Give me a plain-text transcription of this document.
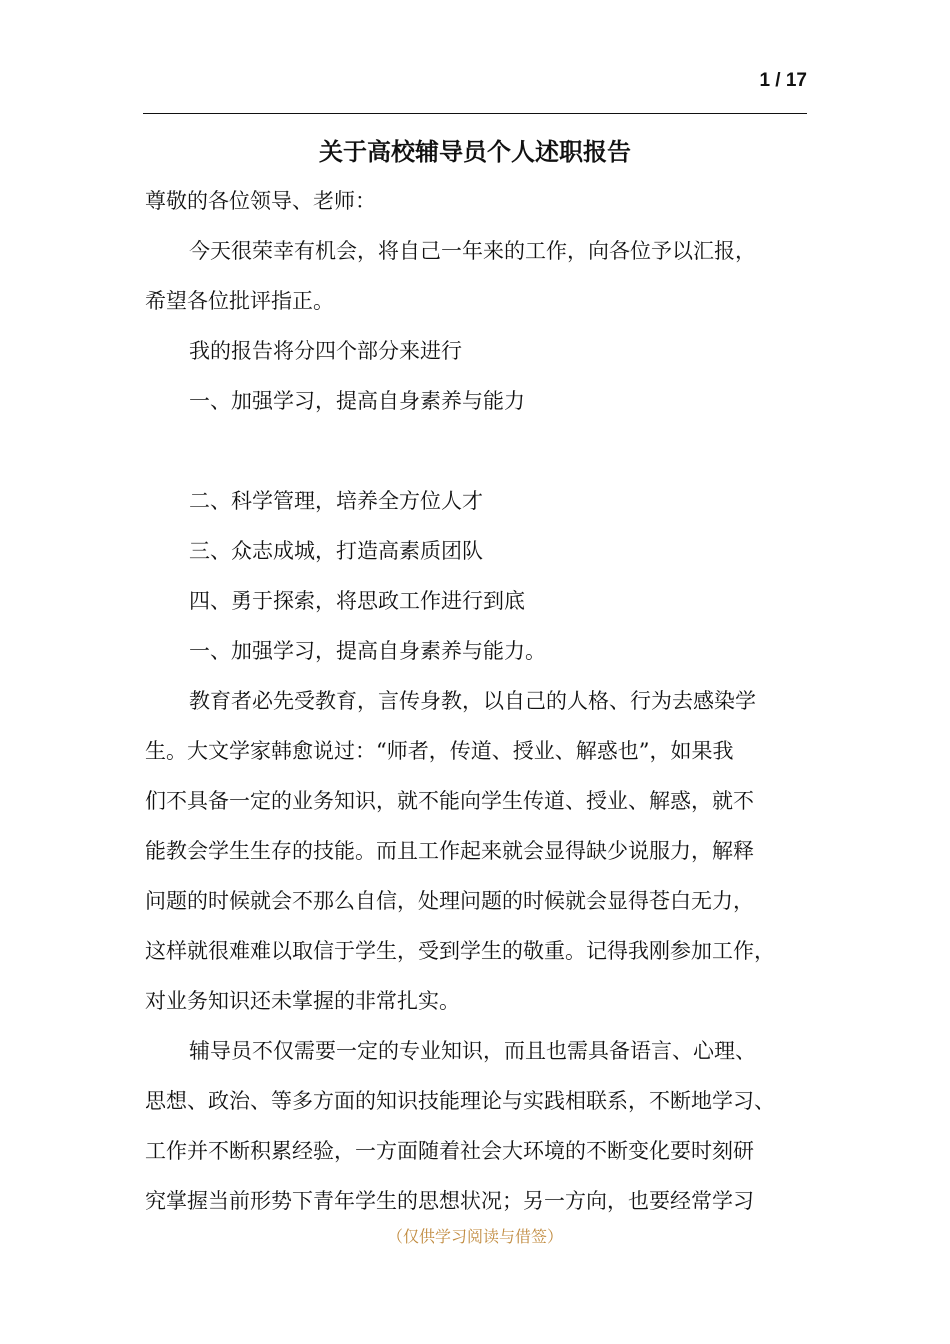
1 / 17
关于高校辅导员个人述职报告
尊敬的各位领导、老师：
今天很荣幸有机会，将自己一年来的工作，向各位予以汇报，
希望各位批评指正。
我的报告将分四个部分来进行
一、加强学习，提高自身素养与能力
二、科学管理，培养全方位人才
三、众志成城，打造高素质团队
四、勇于探索，将思政工作进行到底
一、加强学习，提高自身素养与能力。
教育者必先受教育，言传身教，以自己的人格、行为去感染学
生。大文学家韩愈说过：“师者，传道、授业、解惑也”，如果我
们不具备一定的业务知识，就不能向学生传道、授业、解惑，就不
能教会学生生存的技能。而且工作起来就会显得缺少说服力，解释
问题的时候就会不那么自信，处理问题的时候就会显得苍白无力，
这样就很难难以取信于学生，受到学生的敬重。记得我刚参加工作，
对业务知识还未掌握的非常扎实。
辅导员不仅需要一定的专业知识，而且也需具备语言、心理、
思想、政治、等多方面的知识技能理论与实践相联系，不断地学习、
工作并不断积累经验，一方面随着社会大环境的不断变化要时刻研
究掌握当前形势下青年学生的思想状况；另一方向，也要经常学习
（仅供学习阅读与借签）
